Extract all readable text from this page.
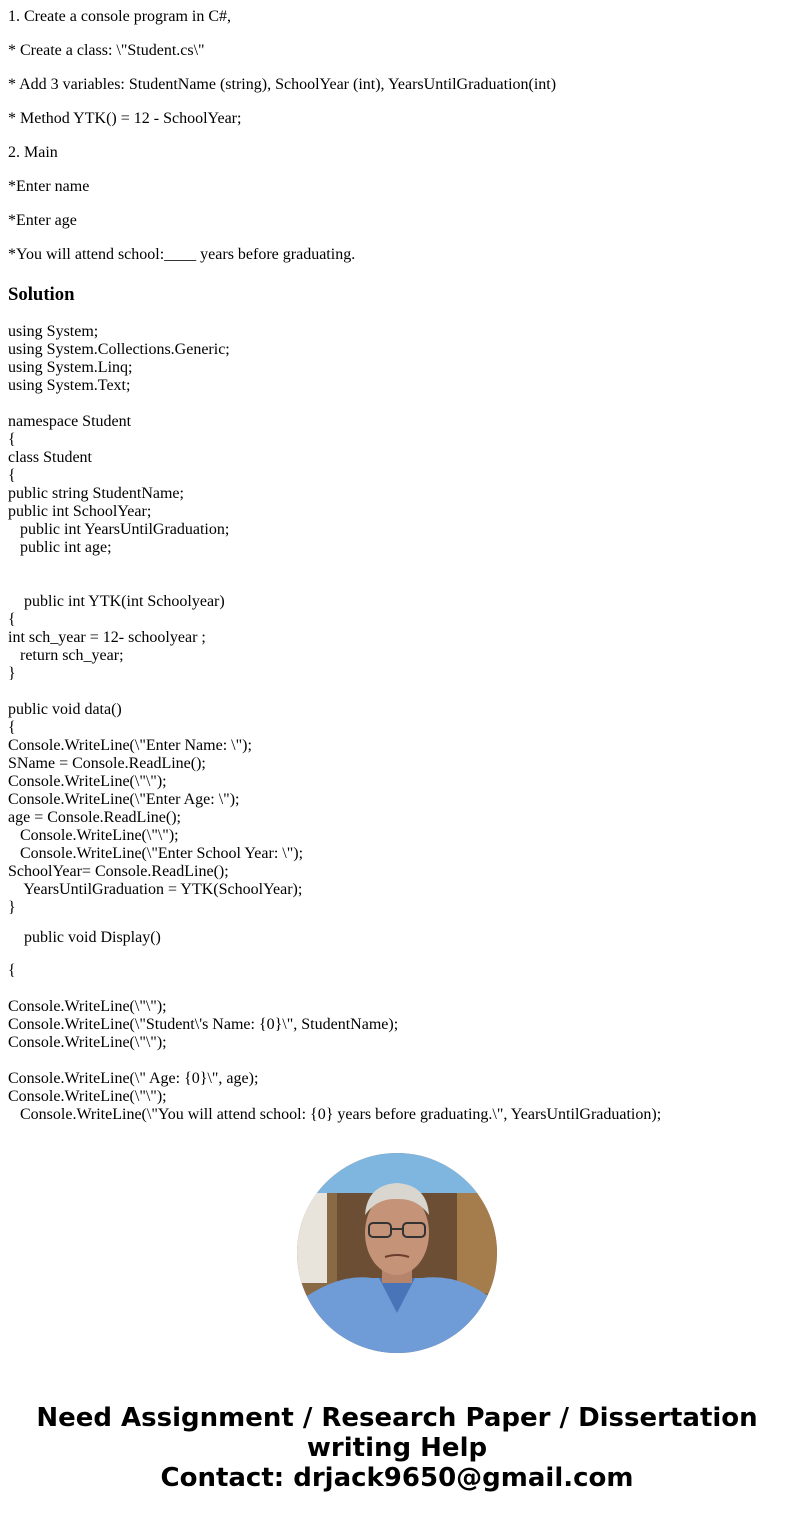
1. Create a console program in C#,

* Create a class: \"Student.cs\"

* Add 3 variables: StudentName (string), SchoolYear (int), YearsUntilGraduation(int)

* Method YTK() = 12 - SchoolYear;

2. Main

*Enter name

*Enter age

*You will attend school:____ years before graduating.

Solution
using System;
using System.Collections.Generic;
using System.Linq;
using System.Text;
namespace Student
{
class Student
{
public string StudentName;
public int SchoolYear;
public int YearsUntilGraduation;
public int age;
public int YTK(int Schoolyear)
{
int sch_year = 12- schoolyear ;
return sch_year;
}
public void data()
{
Console.WriteLine(\"Enter Name: \");
SName = Console.ReadLine();
Console.WriteLine(\"\");
Console.WriteLine(\"Enter Age: \");
age = Console.ReadLine();
Console.WriteLine(\"\");
Console.WriteLine(\"Enter School Year: \");
SchoolYear= Console.ReadLine();
YearsUntilGraduation = YTK(SchoolYear);
}
public void Display()
{
Console.WriteLine(\"\");
Console.WriteLine(\"Student\'s Name: {0}\", StudentName);
Console.WriteLine(\"\");
Console.WriteLine(\" Age: {0}\", age);
Console.WriteLine(\"\");
Console.WriteLine(\"You will attend school: {0} years before graduating.\", YearsUntilGraduation);
Need Assignment / Research Paper / Dissertation
writing Help
Contact: drjack9650@gmail.com
